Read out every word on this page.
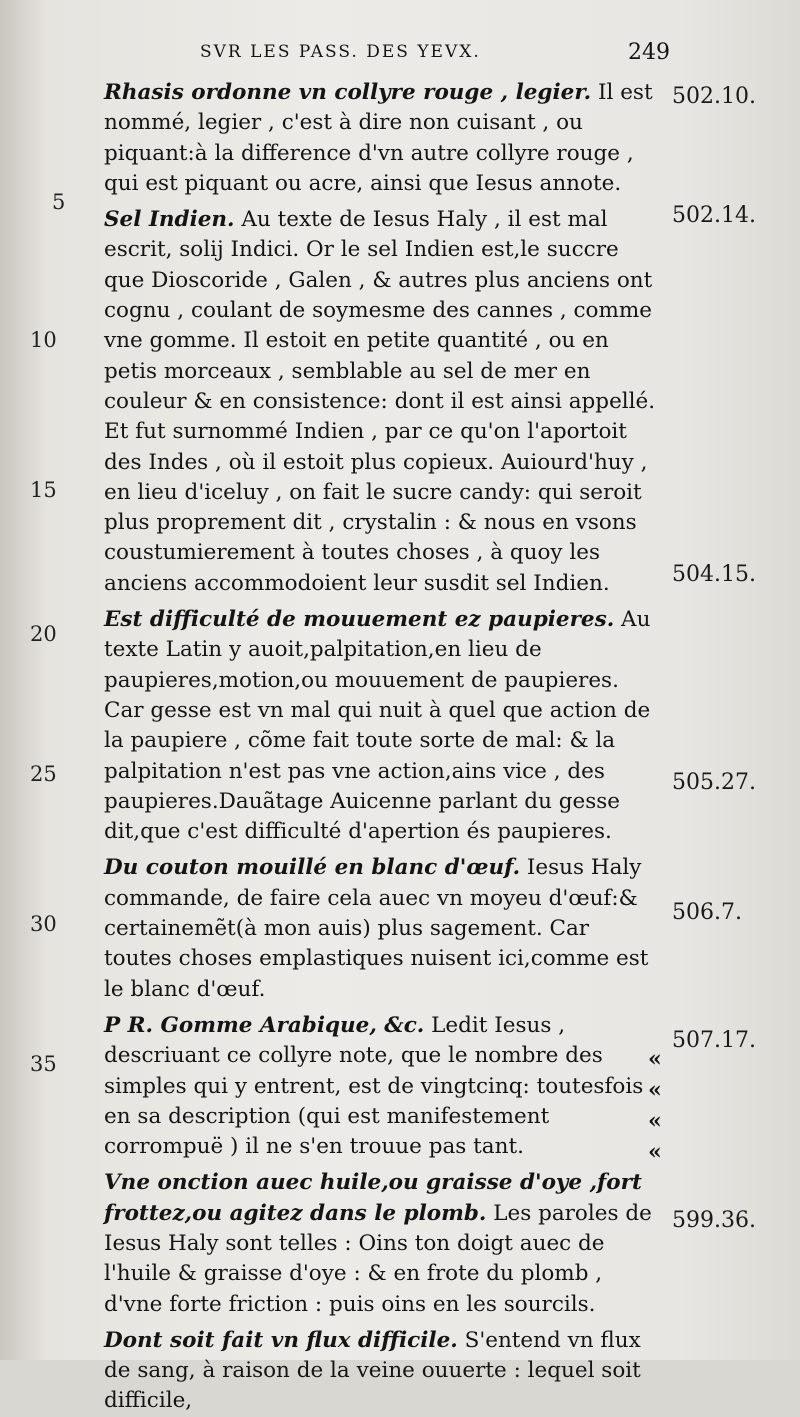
SVR LES PASS. DES YEVX.	249

Rhasis ordonne vn collyre rouge , legier. Il est nommé, legier , c'est à dire non cuisant , ou piquant:à la difference d'vn autre collyre rouge , qui est piquant ou acre, ainsi que Iesus annote.

Sel Indien. Au texte de Iesus Haly , il est mal escrit, solij Indici. Or le sel Indien est,le succre que Dioscoride , Galen , & autres plus anciens ont cognu , coulant de soymesme des cannes , comme vne gomme. Il estoit en petite quantité , ou en petis morceaux , semblable au sel de mer en couleur & en consistence: dont il est ainsi appellé. Et fut surnommé Indien , par ce qu'on l'aportoit des Indes , où il estoit plus copieux. Auiourd'huy , en lieu d'iceluy , on fait le sucre candy: qui seroit plus proprement dit , crystalin : & nous en vsons coustumierement à toutes choses , à quoy les anciens accommodoient leur susdit sel Indien.

Est difficulté de mouuement ez paupieres. Au texte Latin y auoit,palpitation,en lieu de paupieres,motion,ou mouuement de paupieres. Car gesse est vn mal qui nuit à quel que action de la paupiere , cõme fait toute sorte de mal: & la palpitation n'est pas vne action,ains vice , des paupieres.Dauãtage Auicenne parlant du gesse dit,que c'est difficulté d'apertion és paupieres.

Du couton mouillé en blanc d'œuf. Iesus Haly commande, de faire cela auec vn moyeu d'œuf:& certainemẽt(à mon auis) plus sagement. Car toutes choses emplastiques nuisent ici,comme est le blanc d'œuf.

P R. Gomme Arabique, &c. Ledit Iesus , descriuant ce collyre note, que le nombre des simples qui y entrent, est de vingtcinq: toutesfois en sa description (qui est manifestement corrompuë ) il ne s'en trouue pas tant.

Vne onction auec huile,ou graisse d'oye ,fort frottez,ou agitez dans le plomb. Les paroles de Iesus Haly sont telles : Oins ton doigt auec de l'huile & graisse d'oye : & en frote du plomb , d'vne forte friction : puis oins en les sourcils.

Dont soit fait vn flux difficile. S'entend vn flux de sang, à raison de la veine ouuerte : lequel soit difficile,

502.10.
502.14.
504.15.
505.27.
506.7.
507.17.
599.36.
5
10
15
20
25
30
35	«
«
«
«
